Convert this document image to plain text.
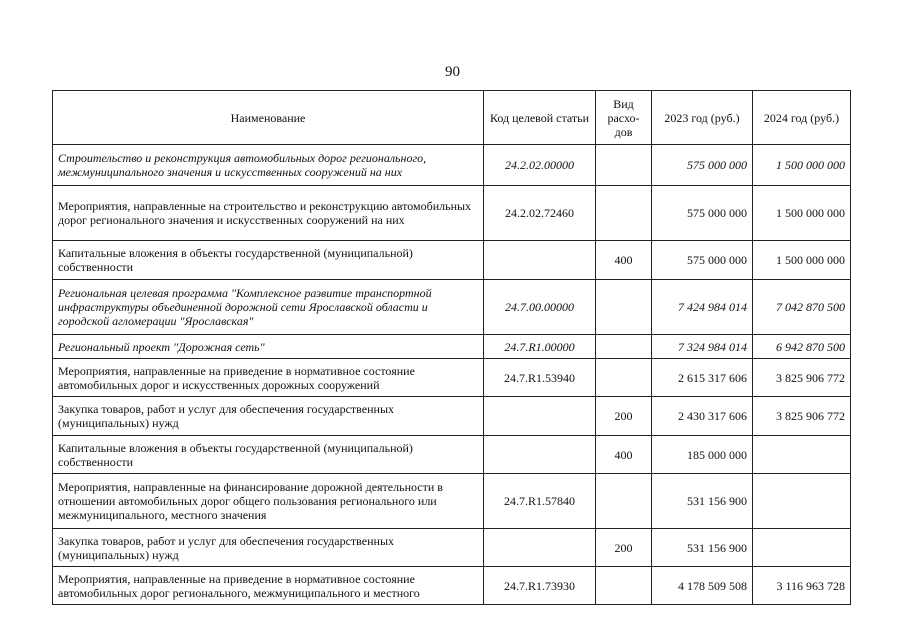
90
Наименование	Код целевой статьи	Вид расхо-дов	2023 год (руб.)	2024 год (руб.)
Строительство и реконструкция автомобильных дорог регионального, межмуниципального значения и искусственных сооружений на них	24.2.02.00000		575 000 000	1 500 000 000
Мероприятия, направленные на строительство и реконструкцию автомобильных дорог регионального значения и искусственных сооружений на них	24.2.02.72460		575 000 000	1 500 000 000
Капитальные вложения в объекты государственной (муниципальной) собственности		400	575 000 000	1 500 000 000
Региональная целевая программа "Комплексное развитие транспортной инфраструктуры объединенной дорожной сети Ярославской области и городской агломерации "Ярославская"	24.7.00.00000		7 424 984 014	7 042 870 500
Региональный проект "Дорожная сеть"	24.7.R1.00000		7 324 984 014	6 942 870 500
Мероприятия, направленные на приведение в нормативное состояние автомобильных дорог и искусственных дорожных сооружений	24.7.R1.53940		2 615 317 606	3 825 906 772
Закупка товаров, работ и услуг для обеспечения государственных (муниципальных) нужд		200	2 430 317 606	3 825 906 772
Капитальные вложения в объекты государственной (муниципальной) собственности		400	185 000 000	
Мероприятия, направленные на финансирование дорожной деятельности в отношении автомобильных дорог общего пользования регионального или межмуниципального, местного значения	24.7.R1.57840		531 156 900	
Закупка товаров, работ и услуг для обеспечения государственных (муниципальных) нужд		200	531 156 900	
Мероприятия, направленные на приведение в нормативное состояние автомобильных дорог регионального, межмуниципального и местного	24.7.R1.73930		4 178 509 508	3 116 963 728
